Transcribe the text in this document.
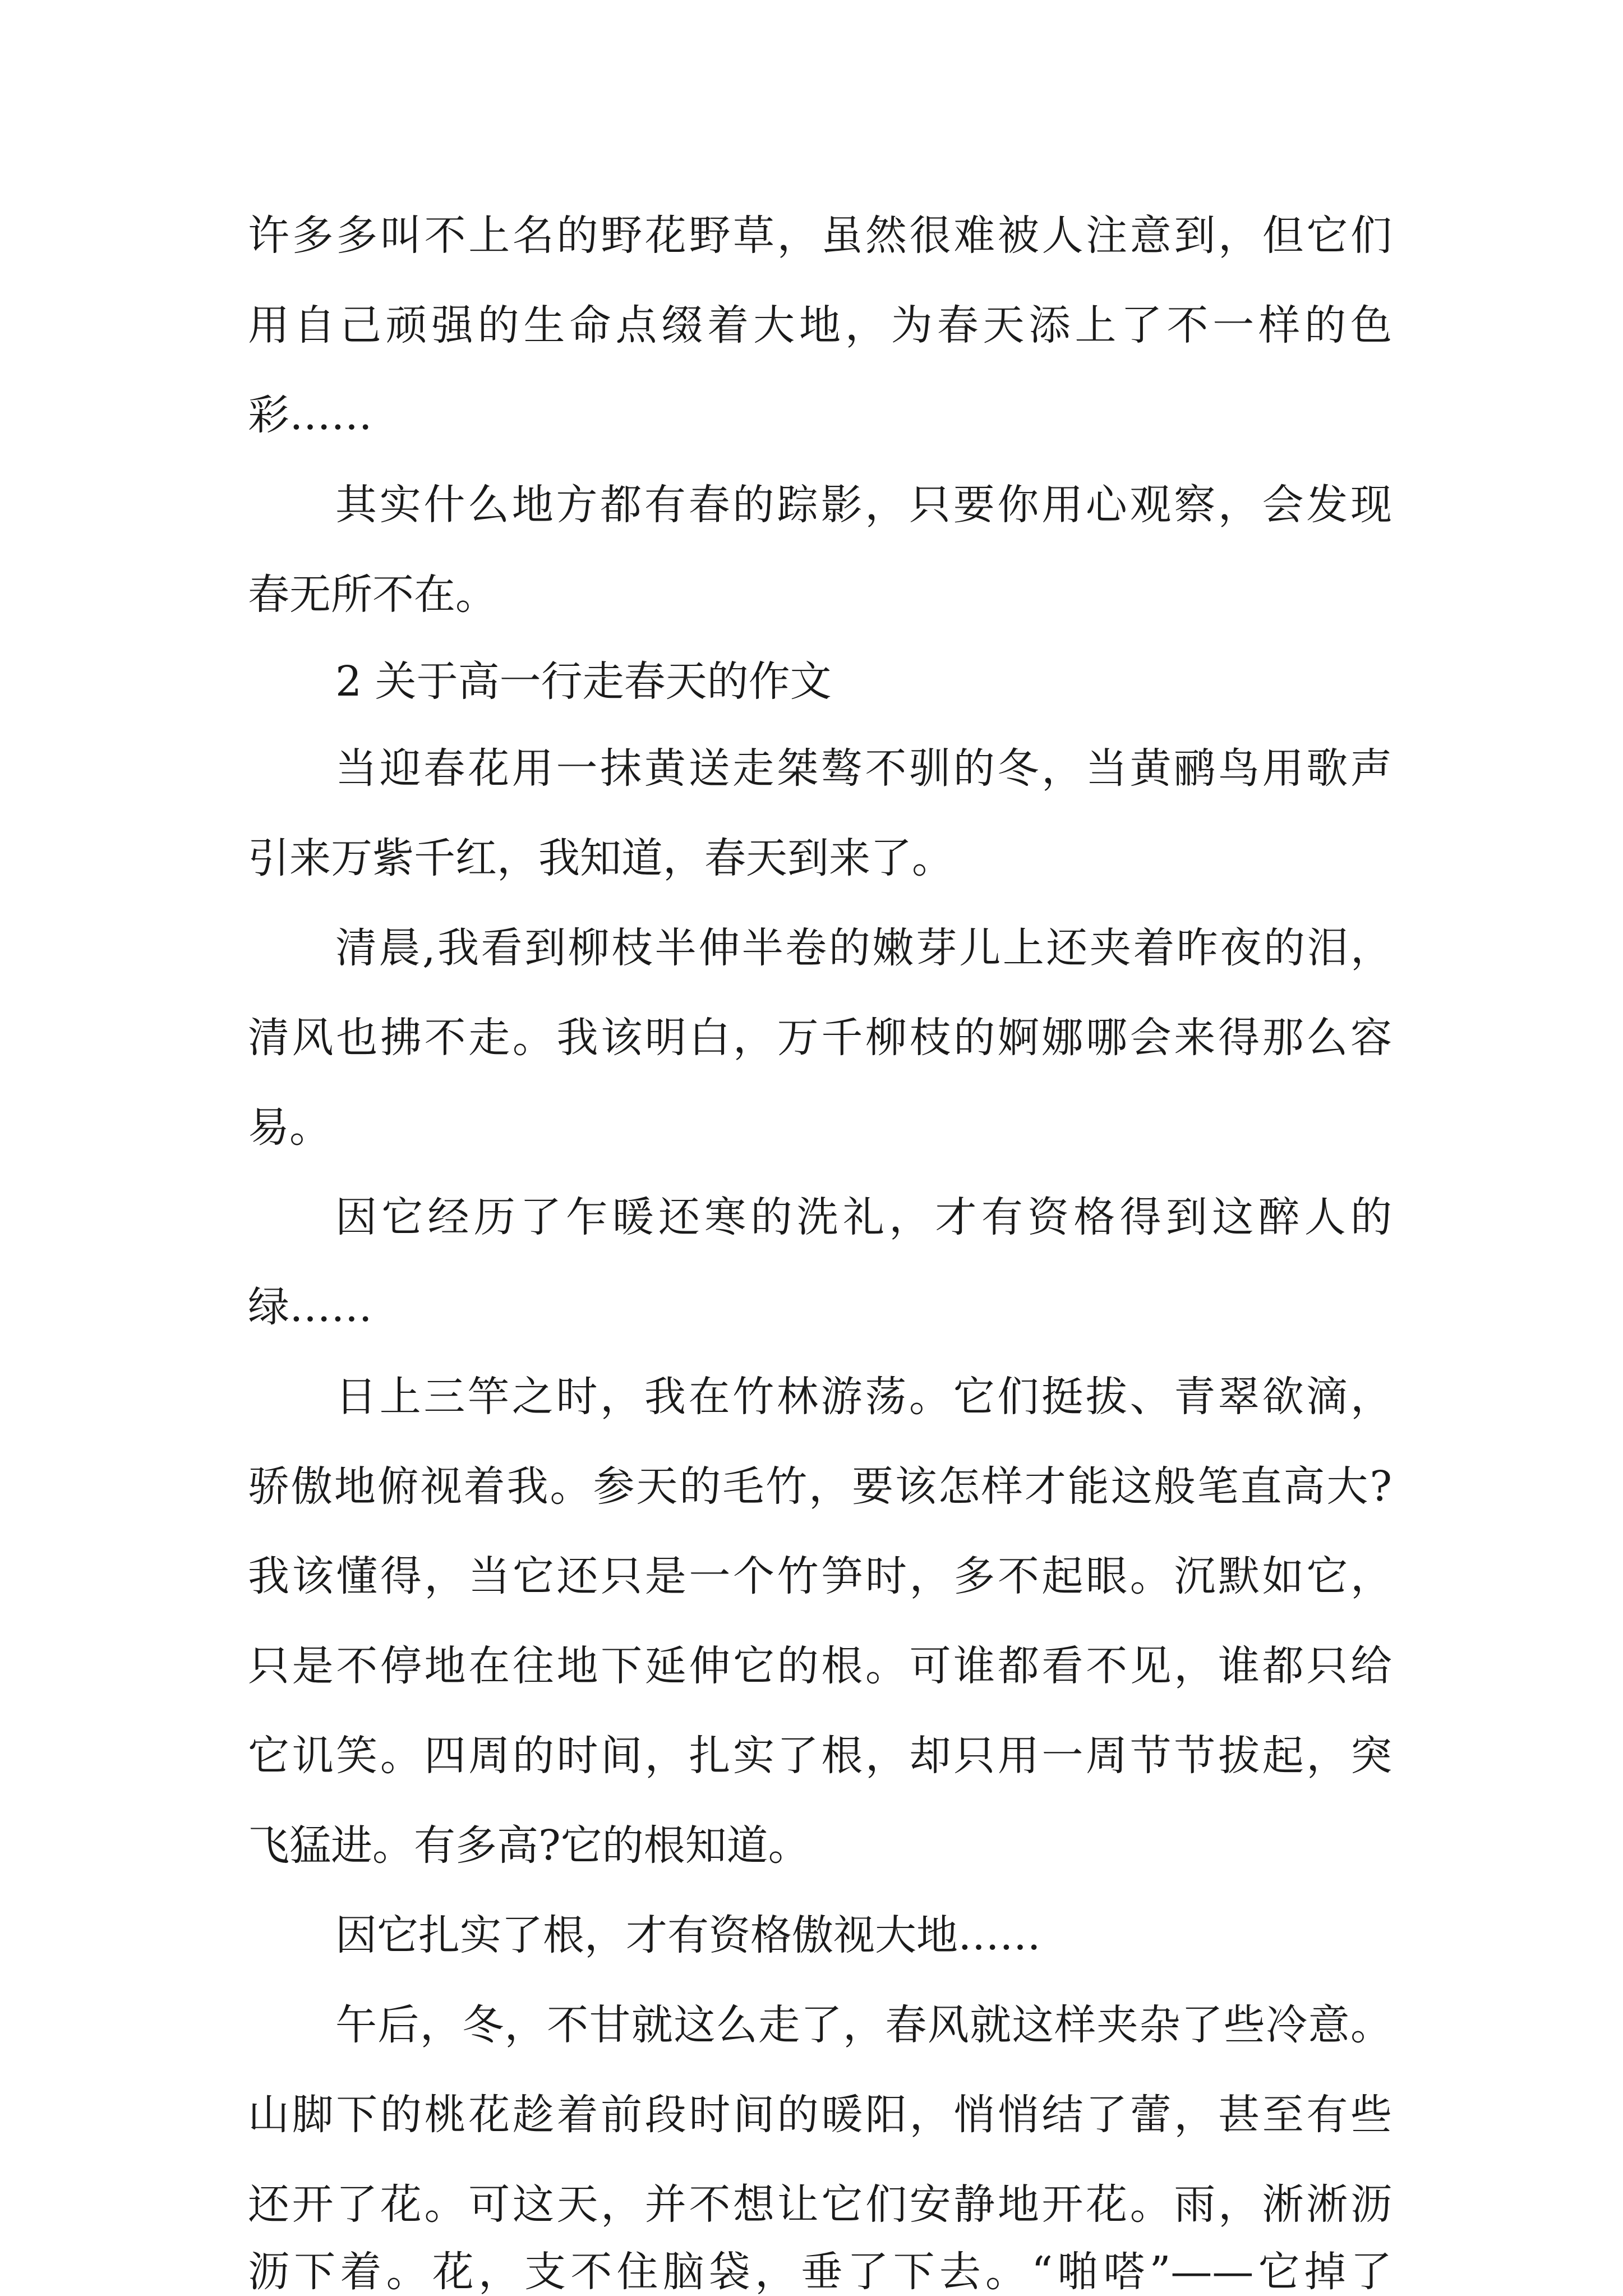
许多多叫不上名的野花野草，虽然很难被人注意到，但它们
用自己顽强的生命点缀着大地，为春天添上了不一样的色
彩……
其实什么地方都有春的踪影，只要你用心观察，会发现
春无所不在。
2 关于高一行走春天的作文
当迎春花用一抹黄送走桀骜不驯的冬，当黄鹂鸟用歌声
引来万紫千红，我知道，春天到来了。
清晨,我看到柳枝半伸半卷的嫩芽儿上还夹着昨夜的泪，
清风也拂不走。我该明白，万千柳枝的婀娜哪会来得那么容
易。
因它经历了乍暖还寒的洗礼，才有资格得到这醉人的
绿……
日上三竿之时，我在竹林游荡。它们挺拔、青翠欲滴，
骄傲地俯视着我。参天的毛竹，要该怎样才能这般笔直高大?
我该懂得，当它还只是一个竹笋时，多不起眼。沉默如它，
只是不停地在往地下延伸它的根。可谁都看不见，谁都只给
它讥笑。四周的时间，扎实了根，却只用一周节节拔起，突
飞猛进。有多高?它的根知道。
因它扎实了根，才有资格傲视大地……
午后，冬，不甘就这么走了，春风就这样夹杂了些冷意。
山脚下的桃花趁着前段时间的暖阳，悄悄结了蕾，甚至有些
还开了花。可这天，并不想让它们安静地开花。雨，淅淅沥
沥下着。花，支不住脑袋，垂了下去。“啪嗒”——它掉了
